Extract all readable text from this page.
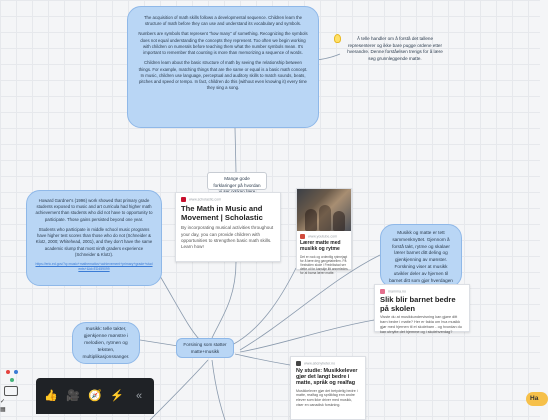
The acquisition of math skills follows a developmental sequence. Children learn the structure of math before they can use and understand its vocabulary and symbols.

Numbers are symbols that represent "how many" of something. Recognizing the symbols does not equal understanding the concepts they represent. Too often we begin working with children on numerals before teaching them what the number symbols mean. It's important to remember that counting is more than memorizing a sequence of words.

Children learn about the basic structure of math by seeing the relationship between things. For example, matching things that are the same or equal is a basic math concept. In music, children use language, perceptual and auditory skills to match sounds, beats, pitches and speed or tempo. In fact, children do this (without even knowing it) every time they sing a song.

Å telle handler om å forstå det tallene representerer og ikke bare pugge ordene etter hverandre. Denne forståelsen trengs for å lære seg grunnleggende matte.
Mange gode forklaringer på hvordan
www.scholastic.com
The Math in Music and Movement | Scholastic
By incorporating musical activities throughout your day, you can provide children with opportunities to strengthen basic math skills. Learn how!
www.youtube.com
Lærer matte med musikk og rytme
Det er rock og ordentlig rytmejagt for å lære deg gangetabellen. På Vestsiden skole i Fredrikstad ser dette ut for kanskje litt annerledes for at barna lærer matte.

Howard Gardner's (1996) work showed that primary grade students exposed to music and art curricula had higher math achievement than students who did not have to opportunity to participate. Those gains persisted beyond one year.

Students who participate in middle school music programs have higher test scores than those who do not (Schneider & Klotz, 2000; Whitehead, 2001), and they don't have the same academic slump that most ninth graders experience (Schneider & Klotz).

https://eric.ed.gov/?q=music+mathematics+achievement+primary+grade+students+&id=ED459099
Musikk og matte er tett sammenknyttet. Gjennom å forstå takt, rytme og skalaer lærer barnet ditt deling og gjenkjenning av mønster. Forskning viser at musikk utvikler deler av hjernen til barnet ditt som gjør hverdagen
mamma.no
Slik blir barnet bedre på skolen
Visste du at musikkundervisning kan gjøre ditt barn bedre i matte? Her er fakta om hva musikk gjør med hjernen til et skolebarn - og hvordan du kan utnytte det hjemme og i skolehverdag?
musikk: telle takter, gjenkjenne mønstre i melodien, rytmen og teksten, multiplikasjonssanger.
Forsining som støtter matte+musikk
www.abcnyheter.no
Ny studie: Musikkelever gjør det langt bedre i matte, språk og realfag
Musikkelever gjør det betydelig bedre i matte, realfag og språkfag enn andre elever som ikke driver med musikk, viser en canadisk forskning.
✓
▦
👍 🎥 🧭 ⚡	«	Ha
